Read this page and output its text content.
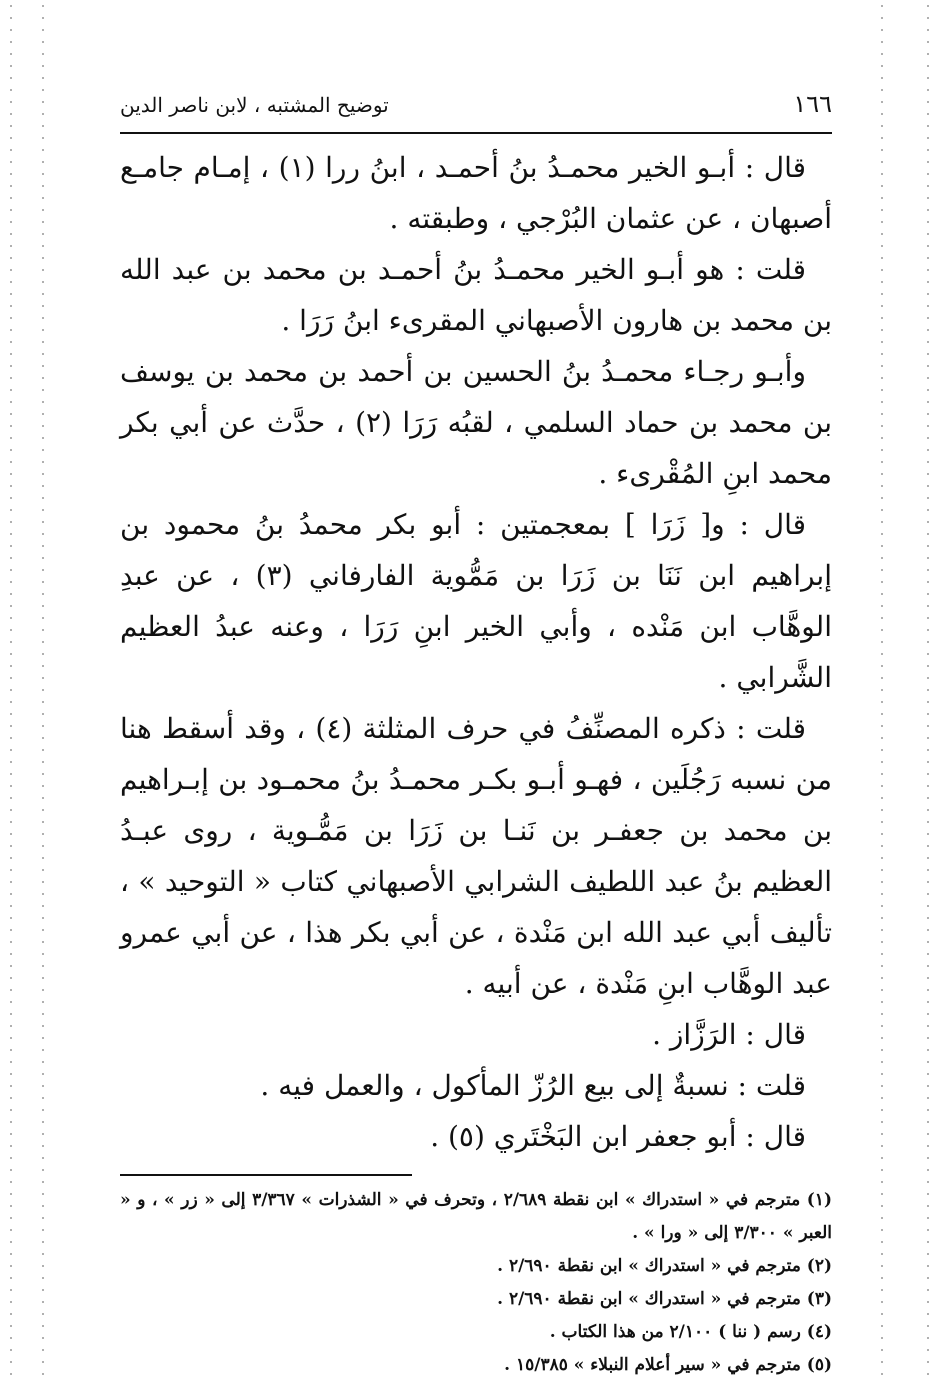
١٦٦
توضيح المشتبه ، لابن ناصر الدين

قال : أبـو الخير محمـدُ بنُ أحمـد ، ابنُ ررا (١) ، إمـام جامـع أصبهان ، عن عثمان البُرْجي ، وطبقته .

قلت : هو أبـو الخير محمـدُ بنُ أحمـد بن محمد بن عبد الله بن محمد بن هارون الأصبهاني المقرىء ابنُ رَرَا .

وأبـو رجـاء محمـدُ بنُ الحسين بن أحمد بن محمد بن يوسف بن محمد بن حماد السلمي ، لقبُه رَرَا (٢) ، حدَّث عن أبي بكر محمد ابنِ المُقْرىء .

قال : و[ زَرَا ] بمعجمتين : أبو بكر محمدُ بنُ محمود بن إبراهيم ابن نَنَا بن زَرَا بن مَمُّوية الفارفاني (٣) ، عن عبدِ الوهَّاب ابن مَنْده ، وأبي الخير ابنِ رَرَا ، وعنه عبدُ العظيم الشَّرابي .

قلت : ذكره المصنِّفُ في حرف المثلثة (٤) ، وقد أسقط هنا من نسبه رَجُلَين ، فهـو أبـو بكـر محمـدُ بنُ محمـود بن إبـراهيم بن محمد بن جعفـر بن نَنـا بن زَرَا بن مَمُّـوية ، روى عبـدُ العظيم بنُ عبد اللطيف الشرابي الأصبهاني كتاب « التوحيد » ، تأليف أبي عبد الله ابن مَنْدة ، عن أبي بكر هذا ، عن أبي عمرو عبد الوهَّاب ابنِ مَنْدة ، عن أبيه .

قال : الرَزَّاز .

قلت : نسبةٌ إلى بيع الرُزّ المأكول ، والعمل فيه .

قال : أبو جعفر ابن البَخْتَري (٥) .

(١) مترجم في « استدراك » ابن نقطة ٢/٦٨٩ ، وتحرف في « الشذرات » ٣/٣٦٧ إلى « زر » ، و « العبر » ٣/٣٠٠ إلى « ورا » .

(٢) مترجم في « استدراك » ابن نقطة ٢/٦٩٠ .

(٣) مترجم في « استدراك » ابن نقطة ٢/٦٩٠ .

(٤) رسم ( ننا ) ٢/١٠٠ من هذا الكتاب .

(٥) مترجم في « سير أعلام النبلاء » ١٥/٣٨٥ .
